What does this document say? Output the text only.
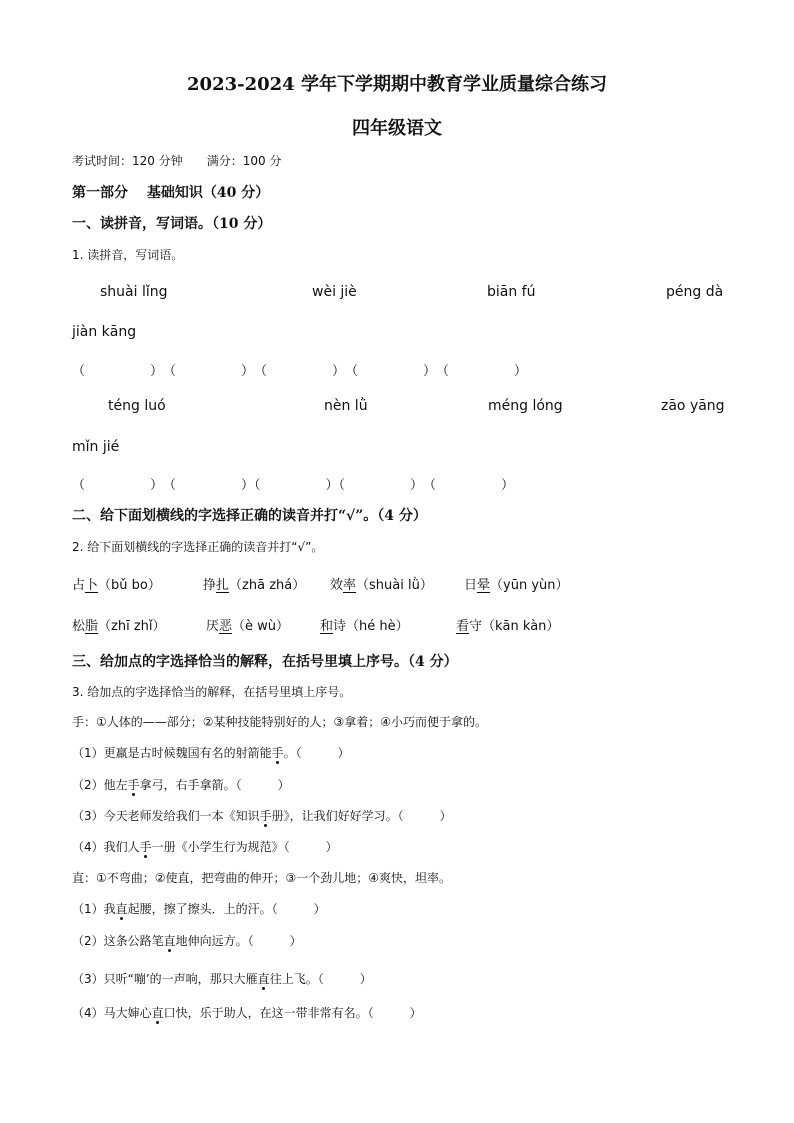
2023-2024 学年下学期期中教育学业质量综合练习
四年级语文
考试时间：120 分钟　　满分：100 分
第一部分　 基础知识（40 分）
一、读拼音，写词语。（10 分）
1. 读拼音，写词语。
shuài lǐng	wèi jiè	biān fú	péng dà
jiàn kāng
（　　　　　）　（　　　　　）　（　　　　　）　（　　　　　）　（　　　　　）
téng luó	nèn lǜ	méng lóng	zāo yāng
mǐn jié
（　　　　　）　（　　　　　）（　　　　　）（　　　　　）　（　　　　　）
二、给下面划横线的字选择正确的读音并打“√”。（4 分）
2. 给下面划横线的字选择正确的读音并打“√”。
占卜（bǔ bo）	挣扎（zhā zhá） 效率（shuài lǜ） 日晕（yūn yùn）
松脂（zhī zhǐ）	厌恶（è wù） 和诗（hé hè）	看守（kān kàn）
三、给加点的字选择恰当的解释，在括号里填上序号。（4 分）
3. 给加点的字选择恰当的解释，在括号里填上序号。
手：①人体的——部分；②某种技能特别好的人；③拿着；④小巧而便于拿的。
（1）更羸是古时候魏国有名的射箭能手。（　　　）
（2）他左手拿弓，右手拿箭。（　　　）
（3）今天老师发给我们一本《知识手册》，让我们好好学习。（　　　）
（4）我们人手一册《小学生行为规范》（　　　）
直：①不弯曲；②使直，把弯曲的伸开；③一个劲儿地；④爽快，坦率。
（1）我直起腰，擦了擦头．上的汗。（　　　）
（2）这条公路笔直地伸向远方。（　　　）
（3）只听“嘣’的一声响，那只大雁直往上飞。（　　　）
（4）马大婶心直口快，乐于助人，在这一带非常有名。（　　　）
